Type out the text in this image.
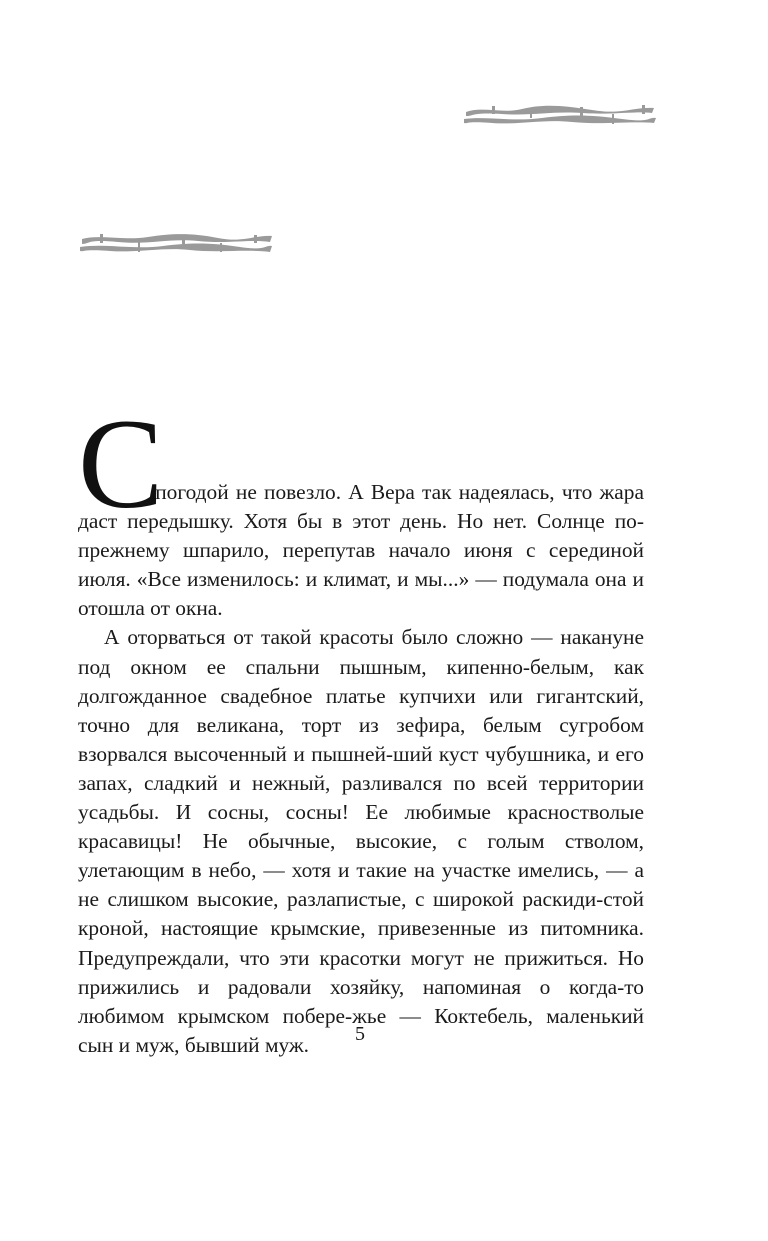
С

погодой не повезло. А Вера так надеялась, что жара даст передышку. Хотя бы в этот день. Но нет. Солнце по-прежнему шпарило, перепутав начало июня с серединой июля. «Все изменилось: и климат, и мы...» — подумала она и отошла от окна.

А оторваться от такой красоты было сложно — накануне под окном ее спальни пышным, кипенно-белым, как долгожданное свадебное платье купчихи или гигантский, точно для великана, торт из зефира, белым сугробом взорвался высоченный и пышней-ший куст чубушника, и его запах, сладкий и нежный, разливался по всей территории усадьбы. И сосны, сосны! Ее любимые красностволые красавицы! Не обычные, высокие, с голым стволом, улетающим в небо, — хотя и такие на участке имелись, — а не слишком высокие, разлапистые, с широкой раскиди-стой кроной, настоящие крымские, привезенные из питомника. Предупреждали, что эти красотки могут не прижиться. Но прижились и радовали хозяйку, напоминая о когда-то любимом крымском побере-жье — Коктебель, маленький сын и муж, бывший муж.	5
